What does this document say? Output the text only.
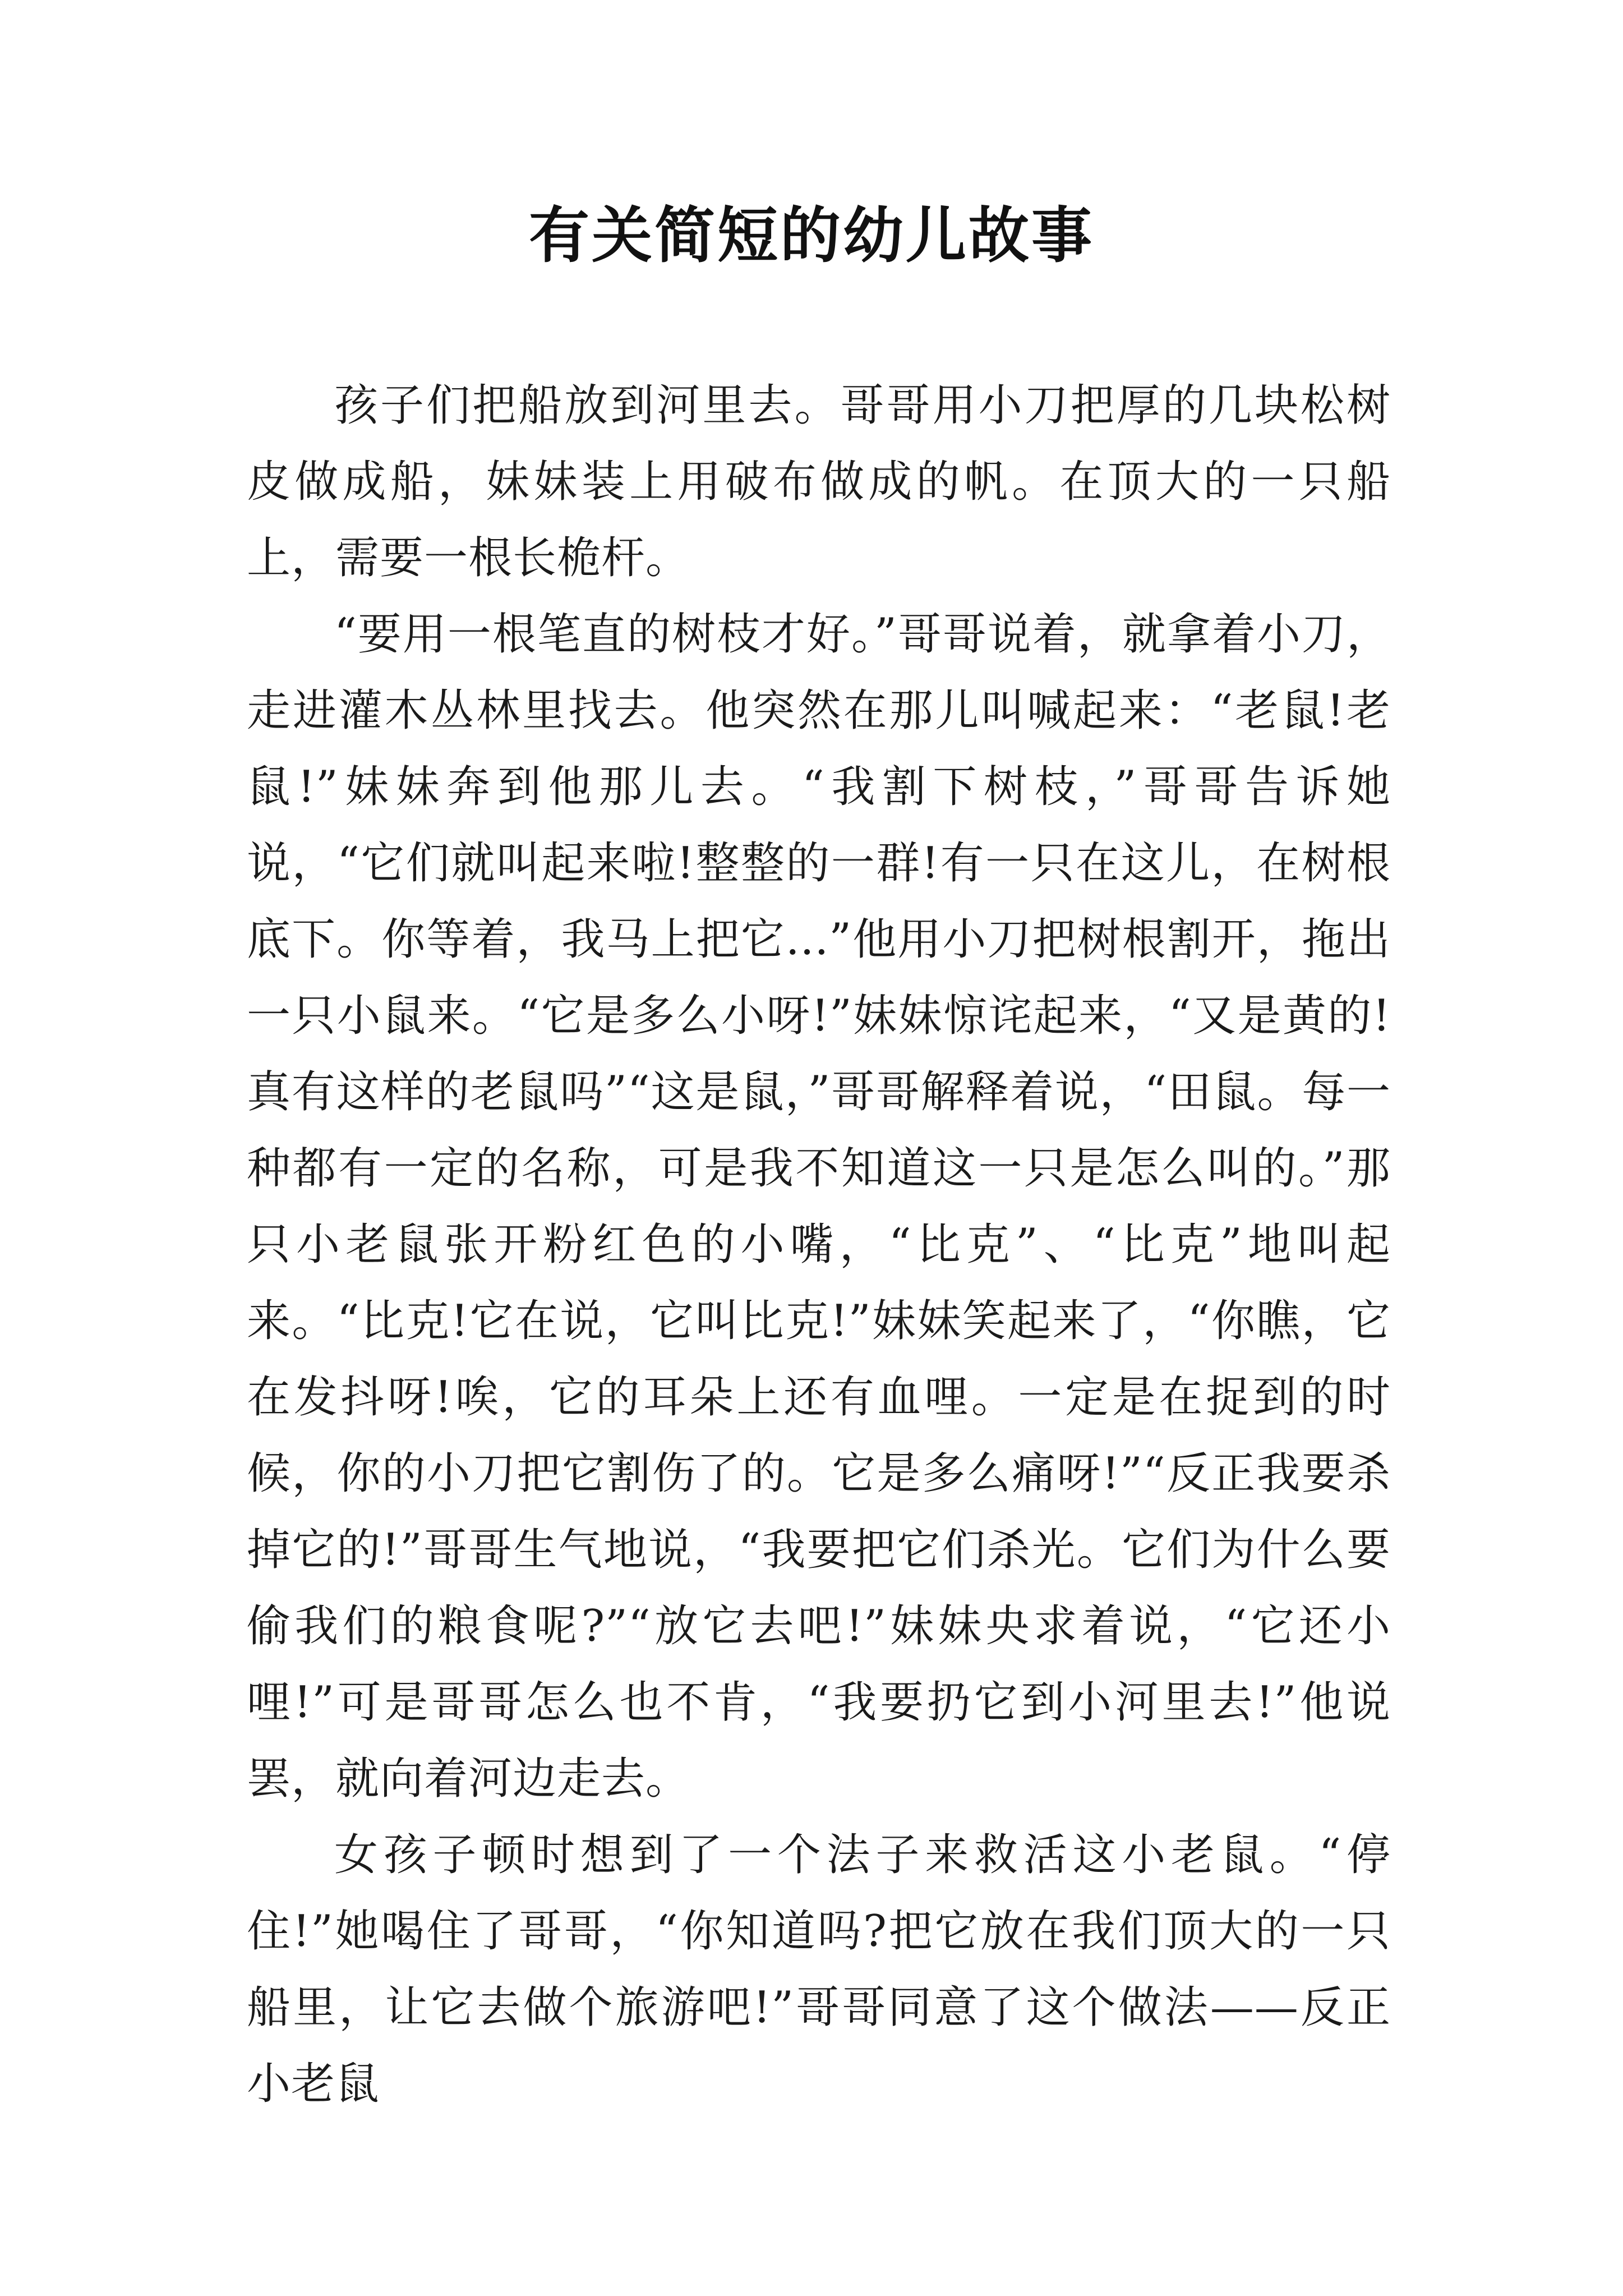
有关简短的幼儿故事

孩子们把船放到河里去。哥哥用小刀把厚的几块松树皮做成船，妹妹装上用破布做成的帆。在顶大的一只船上，需要一根长桅杆。

“要用一根笔直的树枝才好。”哥哥说着，就拿着小刀，走进灌木丛林里找去。他突然在那儿叫喊起来：“老鼠!老鼠!”妹妹奔到他那儿去。“我割下树枝，”哥哥告诉她说，“它们就叫起来啦!整整的一群!有一只在这儿，在树根底下。你等着，我马上把它...”他用小刀把树根割开，拖出一只小鼠来。“它是多么小呀!”妹妹惊诧起来，“又是黄的!真有这样的老鼠吗”“这是鼠，”哥哥解释着说，“田鼠。每一种都有一定的名称，可是我不知道这一只是怎么叫的。”那只小老鼠张开粉红色的小嘴，“比克”、“比克”地叫起来。“比克!它在说，它叫比克!”妹妹笑起来了，“你瞧，它在发抖呀!唉，它的耳朵上还有血哩。一定是在捉到的时候，你的小刀把它割伤了的。它是多么痛呀!”“反正我要杀掉它的!”哥哥生气地说，“我要把它们杀光。它们为什么要偷我们的粮食呢?”“放它去吧!”妹妹央求着说，“它还小哩!”可是哥哥怎么也不肯，“我要扔它到小河里去!”他说罢，就向着河边走去。

女孩子顿时想到了一个法子来救活这小老鼠。“停住!”她喝住了哥哥，“你知道吗?把它放在我们顶大的一只船里，让它去做个旅游吧!”哥哥同意了这个做法——反正小老鼠
